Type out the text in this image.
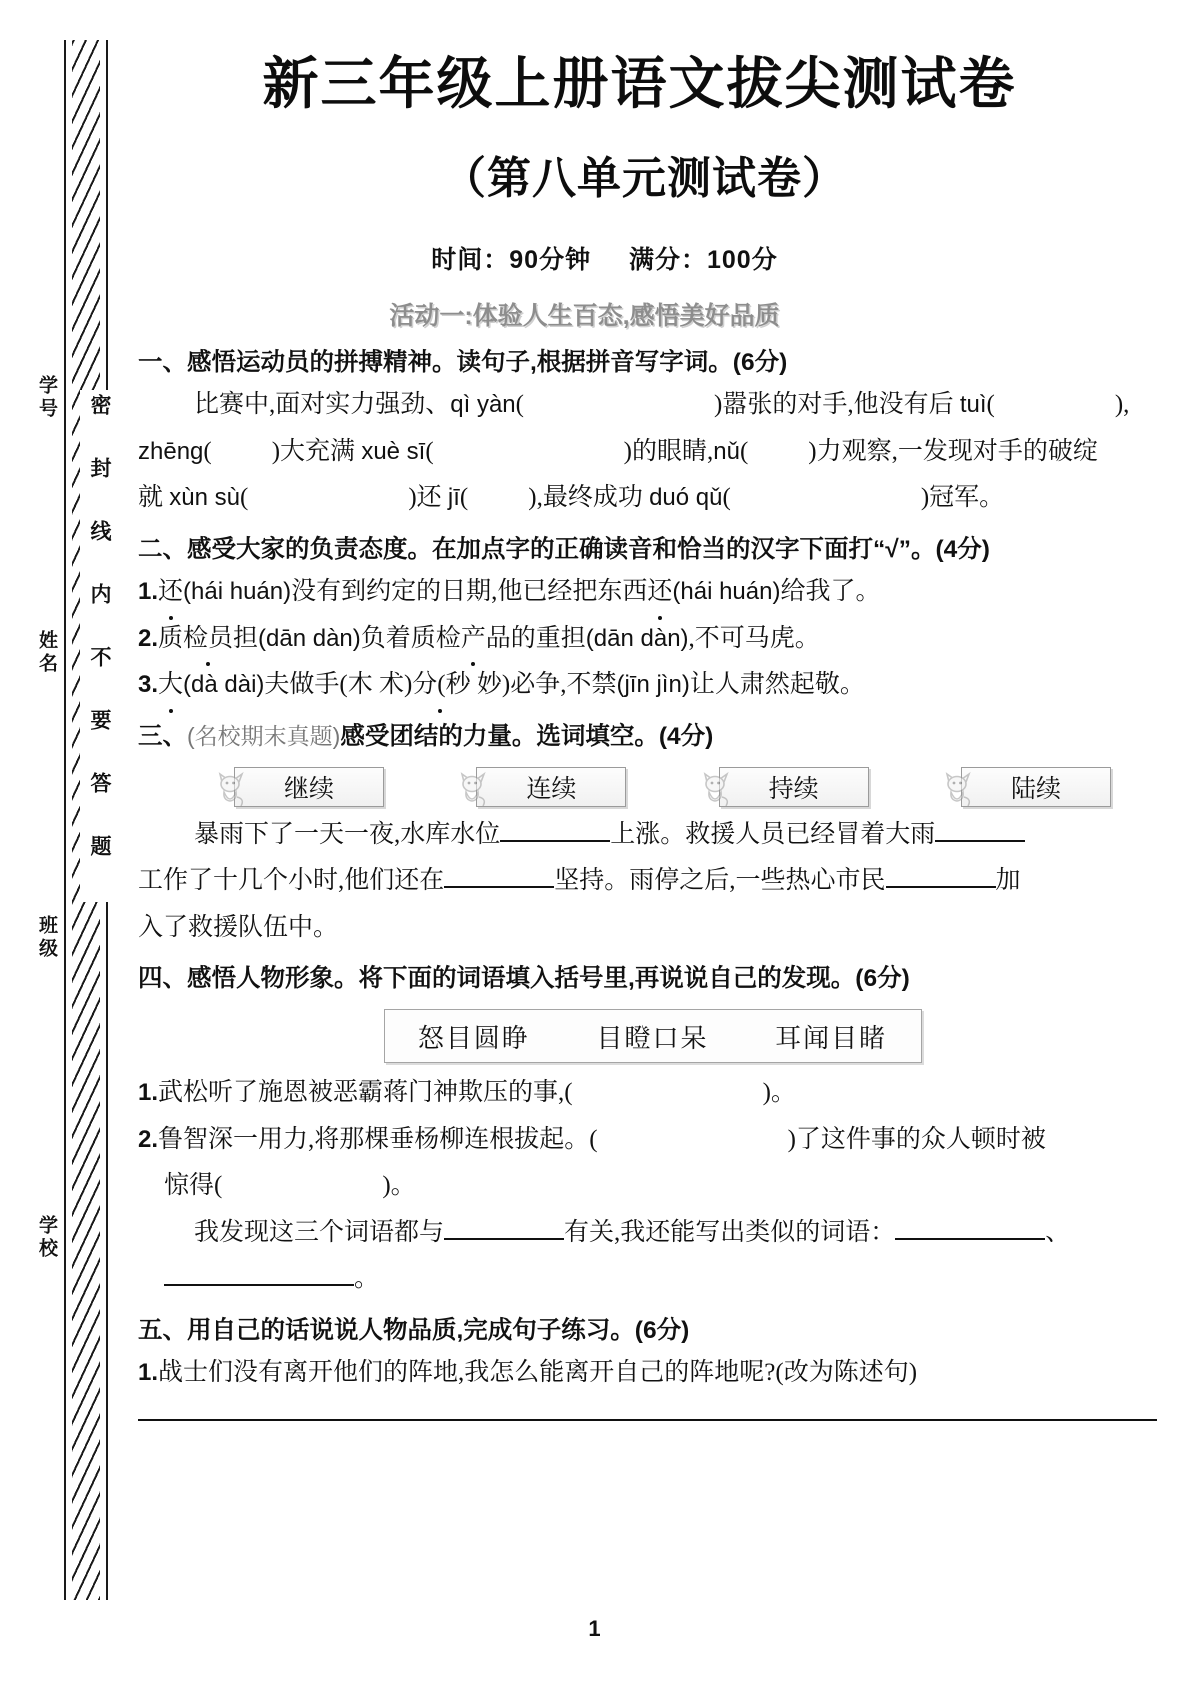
学号
姓名
班级
学校
密封线内不要答题
新三年级上册语文拔尖测试卷
（第八单元测试卷）
时间：90分钟 满分：100分
活动一:体验人生百态,感悟美好品质
一、感悟运动员的拼搏精神。读句子,根据拼音写字词。(6分)
比赛中,面对实力强劲、qì yàn(	)嚣张的对手,他没有后 tuì(	),
zhēng( )大充满 xuè sī(	)的眼睛,nǔ( )力观察,一发现对手的破绽
就 xùn sù(	)还 jī( ),最终成功 duó qǔ(	)冠军。
二、感受大家的负责态度。在加点字的正确读音和恰当的汉字下面打“√”。(4分)
1.还(hái huán)没有到约定的日期,他已经把东西还(hái huán)给我了。
2.质检员担(dān dàn)负着质检产品的重担(dān dàn),不可马虎。
3.大(dà dài)夫做手(木 术)分(秒 妙)必争,不禁(jīn jìn)让人肃然起敬。
三、(名校期末真题)感受团结的力量。选词填空。(4分)
继续	连续	持续	陆续
暴雨下了一天一夜,水库水位	上涨。救援人员已经冒着大雨
工作了十几个小时,他们还在	坚持。雨停之后,一些热心市民	加
入了救援队伍中。
四、感悟人物形象。将下面的词语填入括号里,再说说自己的发现。(6分)
怒目圆睁	目瞪口呆	耳闻目睹
1.武松听了施恩被恶霸蒋门神欺压的事,(	)。
2.鲁智深一用力,将那棵垂杨柳连根拔起。(	)了这件事的众人顿时被
惊得(	)。
我发现这三个词语都与	有关,我还能写出类似的词语：	、
。
五、用自己的话说说人物品质,完成句子练习。(6分)
1.战士们没有离开他们的阵地,我怎么能离开自己的阵地呢?(改为陈述句)
1
